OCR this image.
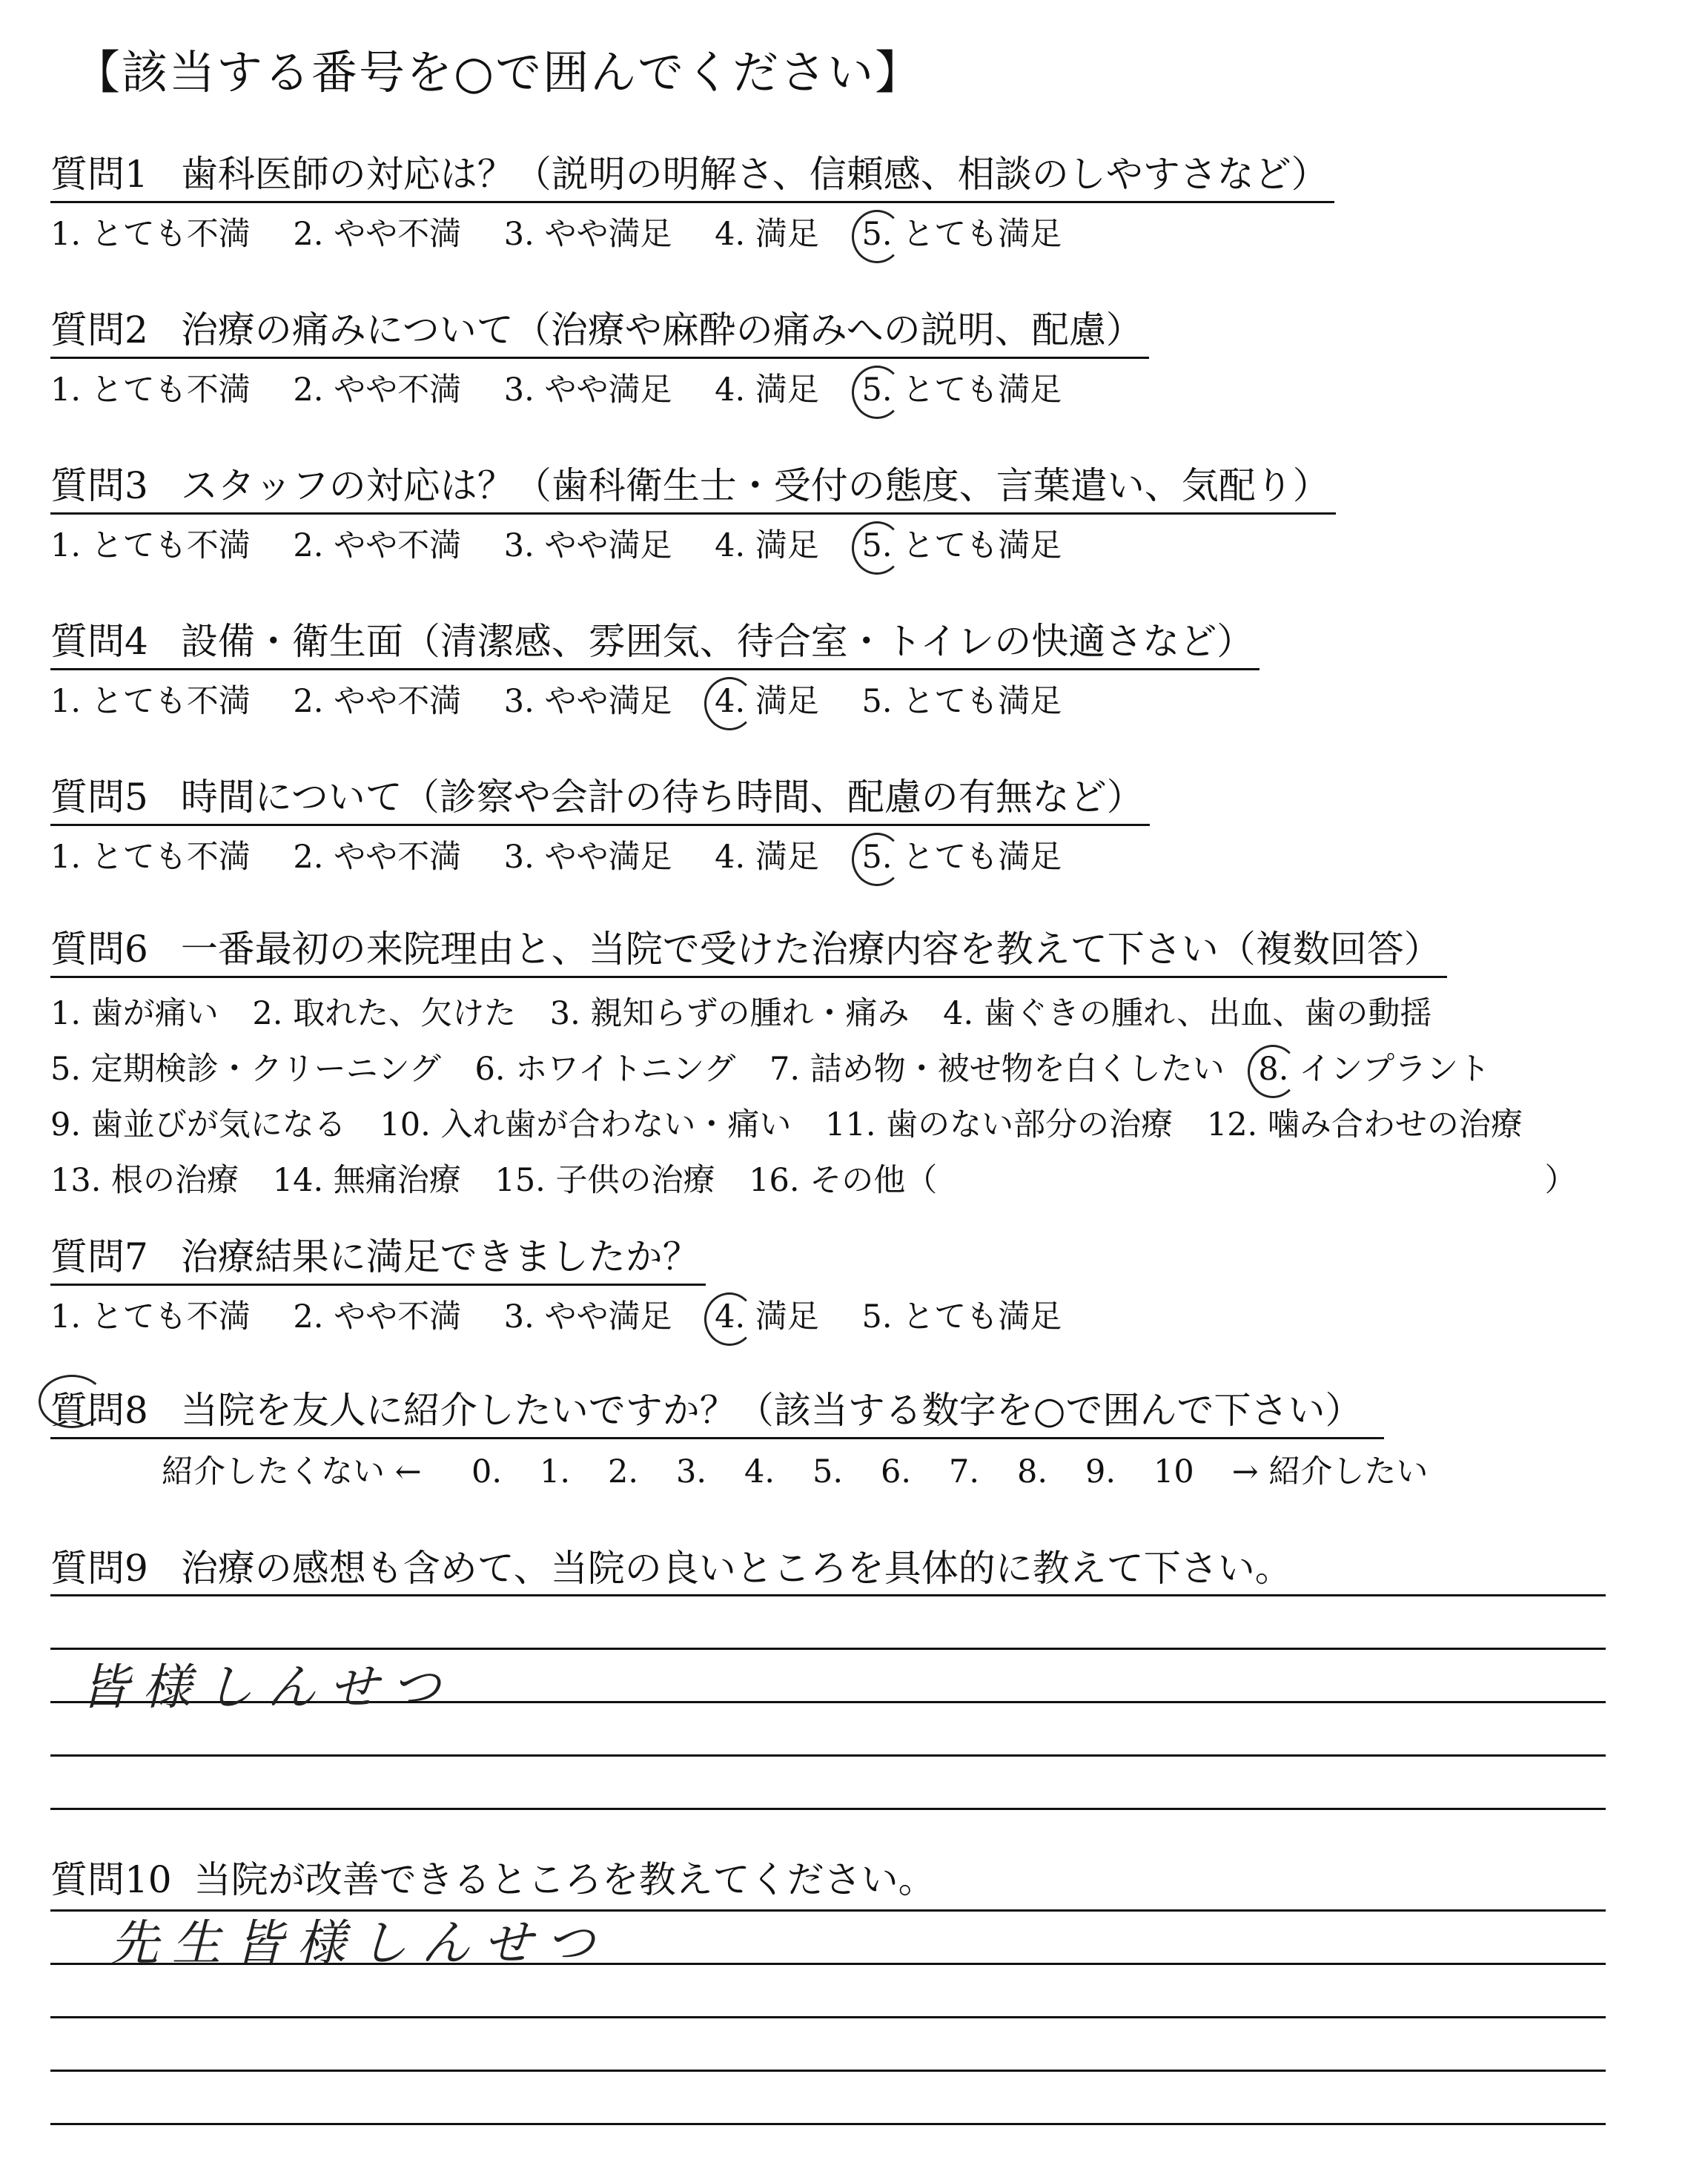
【該当する番号を○で囲んでください】
質問1 歯科医師の対応は？（説明の明解さ、信頼感、相談のしやすさなど）
1. とても不満 2. やや不満 3. やや満足 4. 満足 5. とても満足
質問2 治療の痛みについて（治療や麻酔の痛みへの説明、配慮）
1. とても不満 2. やや不満 3. やや満足 4. 満足 5. とても満足
質問3 スタッフの対応は？（歯科衛生士・受付の態度、言葉遣い、気配り）
1. とても不満 2. やや不満 3. やや満足 4. 満足 5. とても満足
質問4 設備・衛生面（清潔感、雰囲気、待合室・トイレの快適さなど）
1. とても不満 2. やや不満 3. やや満足 4. 満足 5. とても満足
質問5 時間について（診察や会計の待ち時間、配慮の有無など）
1. とても不満 2. やや不満 3. やや満足 4. 満足 5. とても満足
質問6 一番最初の来院理由と、当院で受けた治療内容を教えて下さい（複数回答）
1. 歯が痛い 2. 取れた、欠けた 3. 親知らずの腫れ・痛み 4. 歯ぐきの腫れ、出血、歯の動揺
5. 定期検診・クリーニング 6. ホワイトニング 7. 詰め物・被せ物を白くしたい 8. インプラント
9. 歯並びが気になる 10. 入れ歯が合わない・痛い 11. 歯のない部分の治療 12. 噛み合わせの治療
13. 根の治療 14. 無痛治療 15. 子供の治療 16. その他（	）
質問7 治療結果に満足できましたか？
1. とても不満 2. やや不満 3. やや満足 4. 満足 5. とても満足
質問8 当院を友人に紹介したいですか？（該当する数字を○で囲んで下さい）
紹介したくない ← 0. 1. 2. 3. 4. 5. 6. 7. 8. 9. 10 → 紹介したい
質問9 治療の感想も含めて、当院の良いところを具体的に教えて下さい。
皆様しんせつ
質問10 当院が改善できるところを教えてください。
先生皆様しんせつ
